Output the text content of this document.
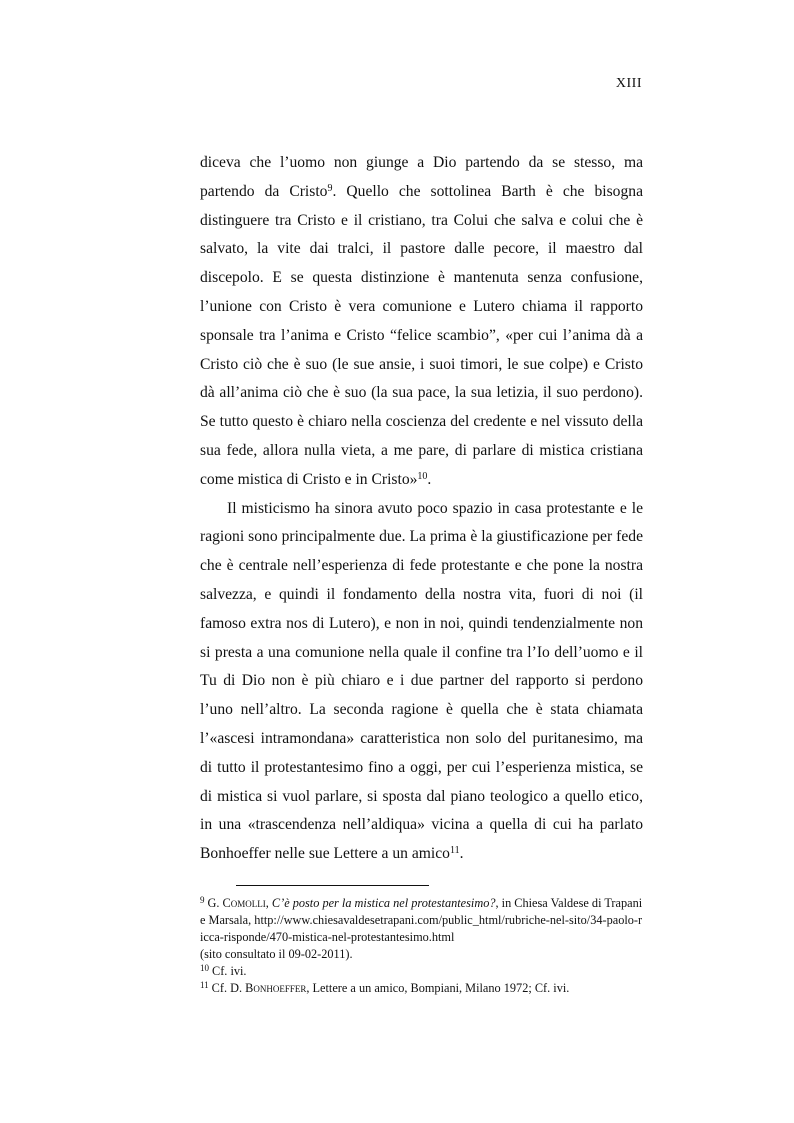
XIII

diceva che l’uomo non giunge a Dio partendo da se stesso, ma partendo da Cristo$^9$. Quello che sottolinea Barth è che bisogna distinguere tra Cristo e il cristiano, tra Colui che salva e colui che è salvato, la vite dai tralci, il pastore dalle pecore, il maestro dal discepolo. E se questa distinzione è mantenuta senza confusione, l’unione con Cristo è vera comunione e Lutero chiama il rapporto sponsale tra l’anima e Cristo “felice scambio”, «per cui l’anima dà a Cristo ciò che è suo (le sue ansie, i suoi timori, le sue colpe) e Cristo dà all’anima ciò che è suo (la sua pace, la sua letizia, il suo perdono). Se tutto questo è chiaro nella coscienza del credente e nel vissuto della sua fede, allora nulla vieta, a me pare, di parlare di mistica cristiana come mistica di Cristo e in Cristo»$^{10}$.

Il misticismo ha sinora avuto poco spazio in casa protestante e le ragioni sono principalmente due. La prima è la giustificazione per fede che è centrale nell’esperienza di fede protestante e che pone la nostra salvezza, e quindi il fondamento della nostra vita, fuori di noi (il famoso extra nos di Lutero), e non in noi, quindi tendenzialmente non si presta a una comunione nella quale il confine tra l’Io dell’uomo e il Tu di Dio non è più chiaro e i due partner del rapporto si perdono l’uno nell’altro. La seconda ragione è quella che è stata chiamata l’«ascesi intramondana» caratteristica non solo del puritanesimo, ma di tutto il protestantesimo fino a oggi, per cui l’esperienza mistica, se di mistica si vuol parlare, si sposta dal piano teologico a quello etico, in una «trascendenza nell’aldiqua» vicina a quella di cui ha parlato Bonhoeffer nelle sue Lettere a un amico$^{11}$.

$^9$ G. Comolli, C’è posto per la mistica nel protestantesimo?, in Chiesa Valdese di Trapani e Marsala, http://www.chiesavaldesetrapani.com/public_html/rubriche-nel-sito/34-paolo-ricca-risponde/470-mistica-nel-protestantesimo.html
(sito consultato il 09-02-2011).

$^{10}$ Cf. ivi.

$^{11}$ Cf. D. Bonhoeffer, Lettere a un amico, Bompiani, Milano 1972; Cf. ivi.
